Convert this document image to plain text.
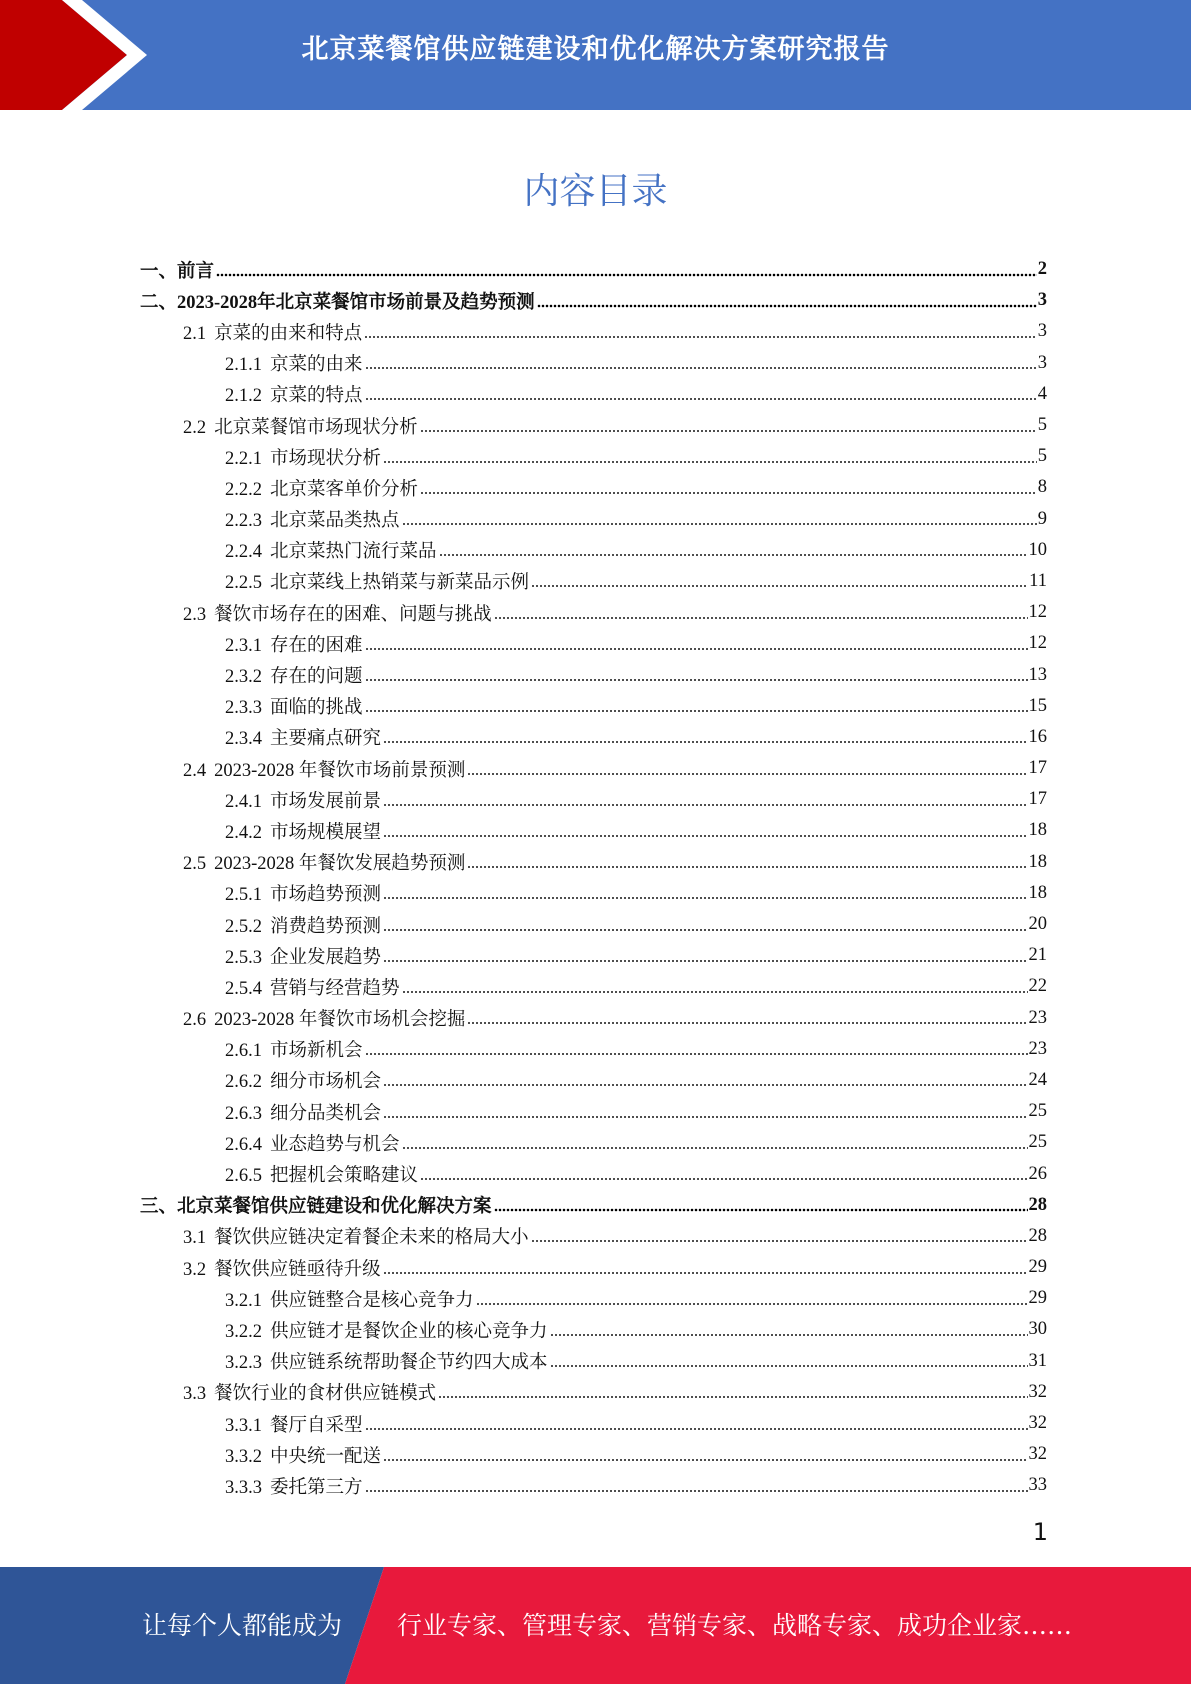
北京菜餐馆供应链建设和优化解决方案研究报告
内容目录
一、前言	2
二、2023-2028年北京菜餐馆市场前景及趋势预测	3
2.1 京菜的由来和特点	3
2.1.1 京菜的由来	3
2.1.2 京菜的特点	4
2.2 北京菜餐馆市场现状分析	5
2.2.1 市场现状分析	5
2.2.2 北京菜客单价分析	8
2.2.3 北京菜品类热点	9
2.2.4 北京菜热门流行菜品	10
2.2.5 北京菜线上热销菜与新菜品示例	11
2.3 餐饮市场存在的困难、问题与挑战	12
2.3.1 存在的困难	12
2.3.2 存在的问题	13
2.3.3 面临的挑战	15
2.3.4 主要痛点研究	16
2.4 2023-2028 年餐饮市场前景预测	17
2.4.1 市场发展前景	17
2.4.2 市场规模展望	18
2.5 2023-2028 年餐饮发展趋势预测	18
2.5.1 市场趋势预测	18
2.5.2 消费趋势预测	20
2.5.3 企业发展趋势	21
2.5.4 营销与经营趋势	22
2.6 2023-2028 年餐饮市场机会挖掘	23
2.6.1 市场新机会	23
2.6.2 细分市场机会	24
2.6.3 细分品类机会	25
2.6.4 业态趋势与机会	25
2.6.5 把握机会策略建议	26
三、北京菜餐馆供应链建设和优化解决方案	28
3.1 餐饮供应链决定着餐企未来的格局大小	28
3.2 餐饮供应链亟待升级	29
3.2.1 供应链整合是核心竞争力	29
3.2.2 供应链才是餐饮企业的核心竞争力	30
3.2.3 供应链系统帮助餐企节约四大成本	31
3.3 餐饮行业的食材供应链模式	32
3.3.1 餐厅自采型	32
3.3.2 中央统一配送	32
3.3.3 委托第三方	33
1
让每个人都能成为 行业专家、管理专家、营销专家、战略专家、成功企业家……
